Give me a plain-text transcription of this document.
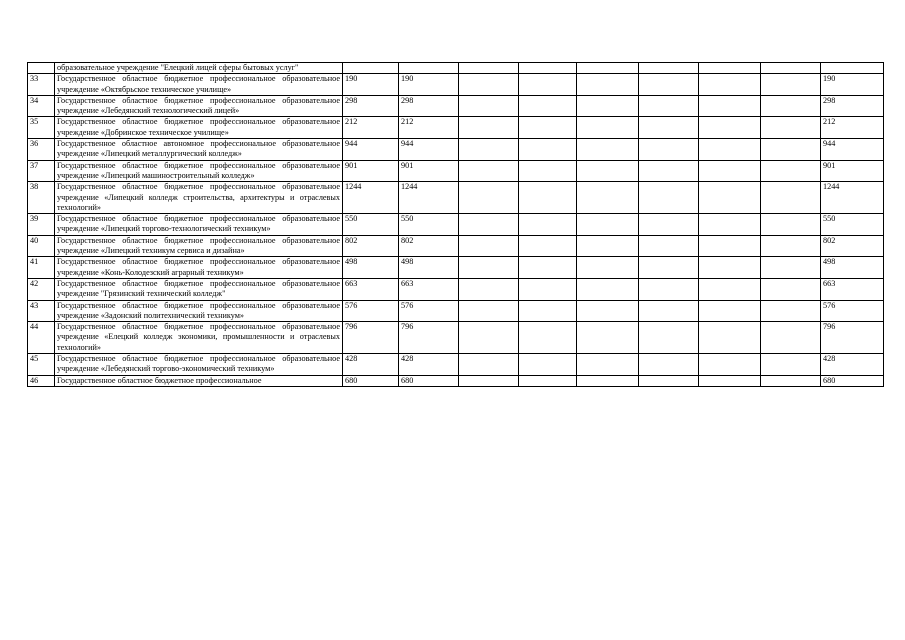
	образовательное учреждение "Елецкий лицей сферы бытовых услуг"									
33	Государственное областное бюджетное профессиональное образовательное учреждение «Октябрьское техническое училище»	190	190							190
34	Государственное областное бюджетное профессиональное образовательное учреждение «Лебедянский технологический лицей»	298	298							298
35	Государственное областное бюджетное профессиональное образовательное учреждение «Добринское техническое училище»	212	212							212
36	Государственное областное автономное профессиональное образовательное учреждение «Липецкий металлургический колледж»	944	944							944
37	Государственное областное бюджетное профессиональное образовательное учреждение «Липецкий машиностроительный колледж»	901	901							901
38	Государственное областное бюджетное профессиональное образовательное учреждение «Липецкий колледж строительства, архитектуры и отраслевых технологий»	1244	1244							1244
39	Государственное областное бюджетное профессиональное образовательное учреждение «Липецкий торгово-технологический техникум»	550	550							550
40	Государственное областное бюджетное профессиональное образовательное учреждение «Липецкий техникум сервиса и дизайна»	802	802							802
41	Государственное областное бюджетное профессиональное образовательное учреждение «Конь-Колодезский аграрный техникум»	498	498							498
42	Государственное областное бюджетное профессиональное образовательное учреждение "Грязинский технический колледж"	663	663							663
43	Государственное областное бюджетное профессиональное образовательное учреждение «Задонский политехнический техникум»	576	576							576
44	Государственное областное бюджетное профессиональное образовательное учреждение «Елецкий колледж экономики, промышленности и отраслевых технологий»	796	796							796
45	Государственное областное бюджетное профессиональное образовательное учреждение «Лебедянский торгово-экономический техникум»	428	428							428
46	Государственное областное бюджетное профессиональное	680	680							680
